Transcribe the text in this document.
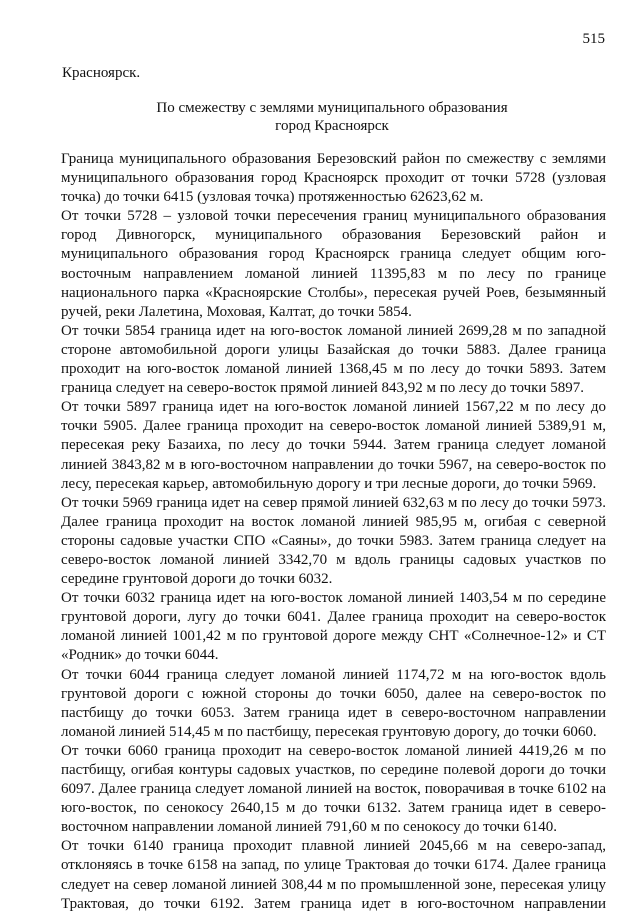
515
Красноярск.
По смежеству с землями муниципального образования
город Красноярск

Граница муниципального образования Березовский район по смежеству с землями муниципального образования город Красноярск проходит от точки 5728 (узловая точка) до точки 6415 (узловая точка) протяженностью 62623,62 м.

От точки 5728 – узловой точки пересечения границ муниципального образования город Дивногорск, муниципального образования Березовский район и муниципального образования город Красноярск граница следует общим юго-восточным направлением ломаной линией 11395,83 м по лесу по границе национального парка «Красноярские Столбы», пересекая ручей Роев, безымянный ручей, реки Лалетина, Моховая, Калтат, до точки 5854.

От точки 5854 граница идет на юго-восток ломаной линией 2699,28 м по западной стороне автомобильной дороги улицы Базайская до точки 5883. Далее граница проходит на юго-восток ломаной линией 1368,45 м по лесу до точки 5893. Затем граница следует на северо-восток прямой линией 843,92 м по лесу до точки 5897.

От точки 5897 граница идет на юго-восток ломаной линией 1567,22 м по лесу до точки 5905. Далее граница проходит на северо-восток ломаной линией 5389,91 м, пересекая реку Базаиха, по лесу до точки 5944. Затем граница следует ломаной линией 3843,82 м в юго-восточном направлении до точки 5967, на северо-восток по лесу, пересекая карьер, автомобильную дорогу и три лесные дороги, до точки 5969.

От точки 5969 граница идет на север прямой линией 632,63 м по лесу до точки 5973. Далее граница проходит на восток ломаной линией 985,95 м, огибая с северной стороны садовые участки СПО «Саяны», до точки 5983. Затем граница следует на северо-восток ломаной линией 3342,70 м вдоль границы садовых участков по середине грунтовой дороги до точки 6032.

От точки 6032 граница идет на юго-восток ломаной линией 1403,54 м по середине грунтовой дороги, лугу до точки 6041. Далее граница проходит на северо-восток ломаной линией 1001,42 м по грунтовой дороге между СНТ «Солнечное-12» и СТ «Родник» до точки 6044.

От точки 6044 граница следует ломаной линией 1174,72 м на юго-восток вдоль грунтовой дороги с южной стороны до точки 6050, далее на северо-восток по пастбищу до точки 6053. Затем граница идет в северо-восточном направлении ломаной линией 514,45 м по пастбищу, пересекая грунтовую дорогу, до точки 6060.

От точки 6060 граница проходит на северо-восток ломаной линией 4419,26 м по пастбищу, огибая контуры садовых участков, по середине полевой дороги до точки 6097. Далее граница следует ломаной линией на восток, поворачивая в точке 6102 на юго-восток, по сенокосу 2640,15 м до точки 6132. Затем граница идет в северо-восточном направлении ломаной линией 791,60 м по сенокосу до точки 6140.

От точки 6140 граница проходит плавной линией 2045,66 м на северо-запад, отклоняясь в точке 6158 на запад, по улице Трактовая до точки 6174. Далее граница следует на север ломаной линией 308,44 м по промышленной зоне, пересекая улицу Трактовая, до точки 6192. Затем граница идет в юго-восточном направлении
